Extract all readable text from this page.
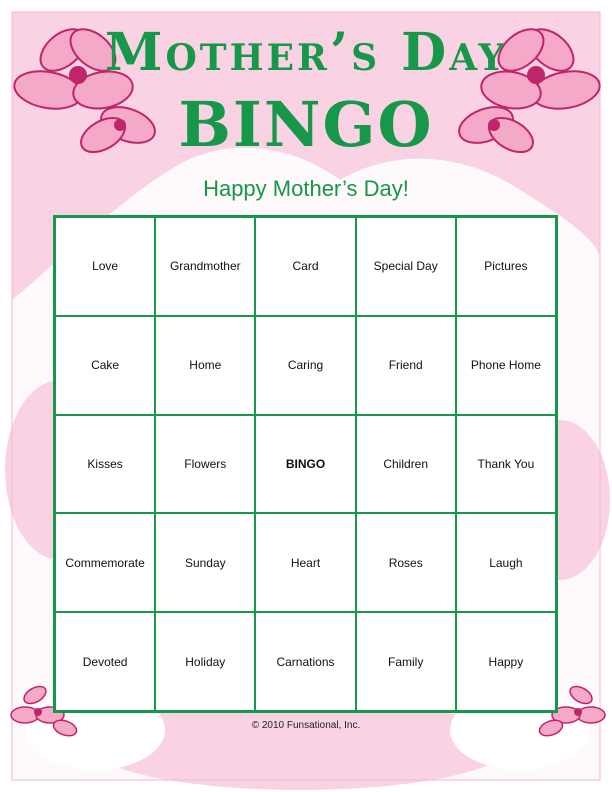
Mother’s Day
BINGO
Happy Mother’s Day!
Love	Grandmother	Card	Special Day	Pictures
Cake	Home	Caring	Friend	Phone Home
Kisses	Flowers	BINGO	Children	Thank You
Commemorate	Sunday	Heart	Roses	Laugh
Devoted	Holiday	Carnations	Family	Happy
© 2010 Funsational, Inc.
